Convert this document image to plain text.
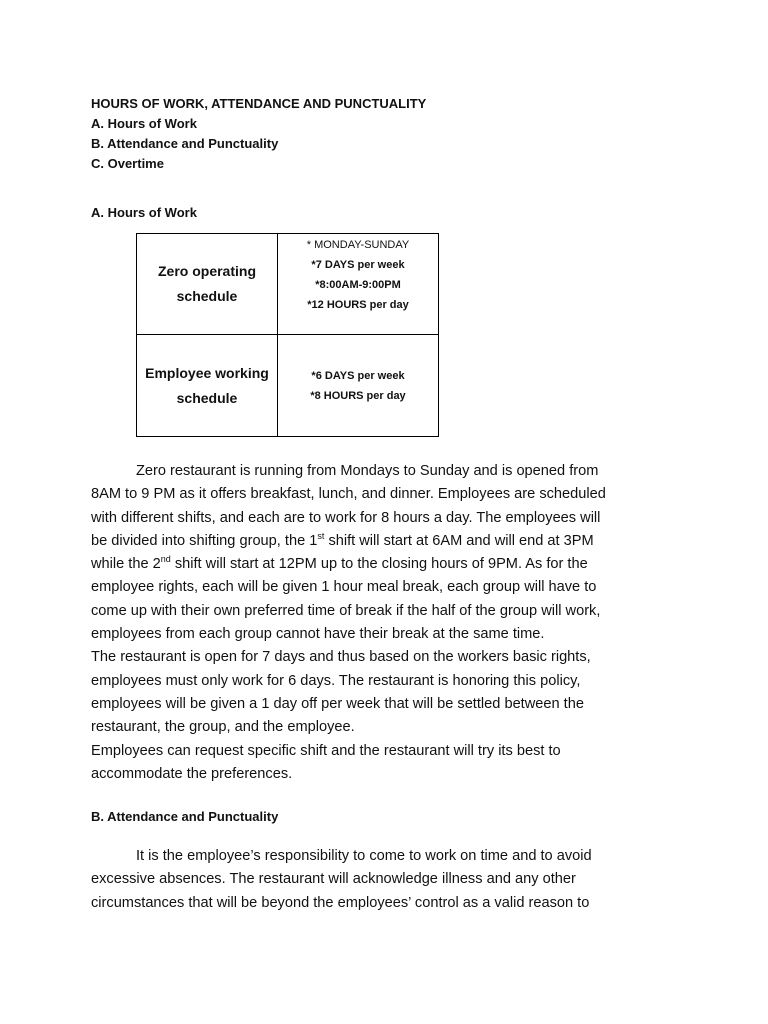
HOURS OF WORK, ATTENDANCE AND PUNCTUALITY

A. Hours of Work

B. Attendance and Punctuality

C. Overtime

A. Hours of Work

Zero operating
schedule	* MONDAY-SUNDAY
*7 DAYS per week
*8:00AM-9:00PM
*12 HOURS per day

Employee working
schedule	*6 DAYS per week
*8 HOURS per day
Zero restaurant is running from Mondays to Sunday and is opened from
8AM to 9 PM as it offers breakfast, lunch, and dinner. Employees are scheduled
with different shifts, and each are to work for 8 hours a day. The employees will
be divided into shifting group, the 1st shift will start at 6AM and will end at 3PM
while the 2nd shift will start at 12PM up to the closing hours of 9PM. As for the
employee rights, each will be given 1 hour meal break, each group will have to
come up with their own preferred time of break if the half of the group will work,
employees from each group cannot have their break at the same time.
The restaurant is open for 7 days and thus based on the workers basic rights,
employees must only work for 6 days. The restaurant is honoring this policy,
employees will be given a 1 day off per week that will be settled between the
restaurant, the group, and the employee.
Employees can request specific shift and the restaurant will try its best to
accommodate the preferences.

B. Attendance and Punctuality

It is the employee’s responsibility to come to work on time and to avoid
excessive absences. The restaurant will acknowledge illness and any other
circumstances that will be beyond the employees’ control as a valid reason to
